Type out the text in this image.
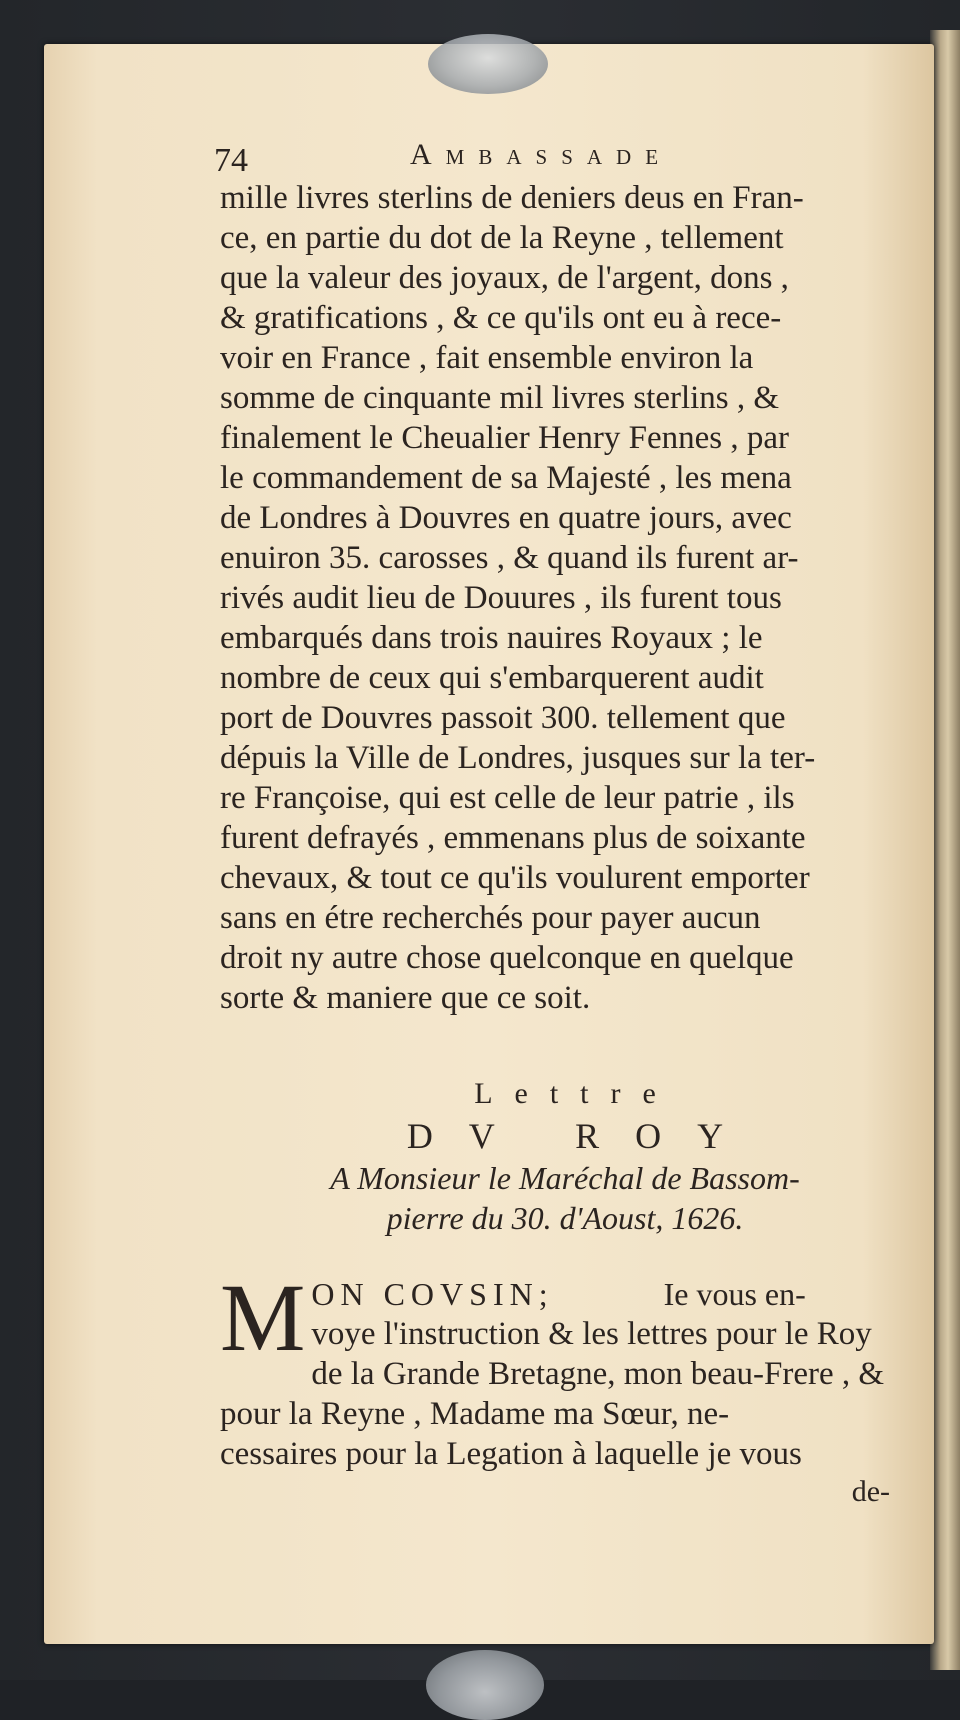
74	Ambassade

mille livres sterlins de deniers deus en Fran-

ce, en partie du dot de la Reyne , tellement

que la valeur des joyaux, de l'argent, dons ,

& gratifications , & ce qu'ils ont eu à rece-

voir en France , fait ensemble environ la

somme de cinquante mil livres sterlins , &

finalement le Cheualier Henry Fennes , par

le commandement de sa Majesté , les mena

de Londres à Douvres en quatre jours, avec

enuiron 35. carosses , & quand ils furent ar-

rivés audit lieu de Douures , ils furent tous

embarqués dans trois nauires Royaux ; le

nombre de ceux qui s'embarquerent audit

port de Douvres passoit 300. tellement que

dépuis la Ville de Londres, jusques sur la ter-

re Françoise, qui est celle de leur patrie , ils

furent defrayés , emmenans plus de soixante

chevaux, & tout ce qu'ils voulurent emporter

sans en étre recherchés pour payer aucun

droit ny autre chose quelconque en quelque

sorte & maniere que ce soit.

Lettre

DV ROY

A Monsieur le Maréchal de Bassom-

pierre du 30. d'Aoust, 1626.

M ON COVSIN;	Ie vous en-

voye l'instruction & les lettres pour le Roy

de la Grande Bretagne, mon beau-Frere , &

pour la Reyne , Madame ma Sœur, ne-

cessaires pour la Legation à laquelle je vous

de-
